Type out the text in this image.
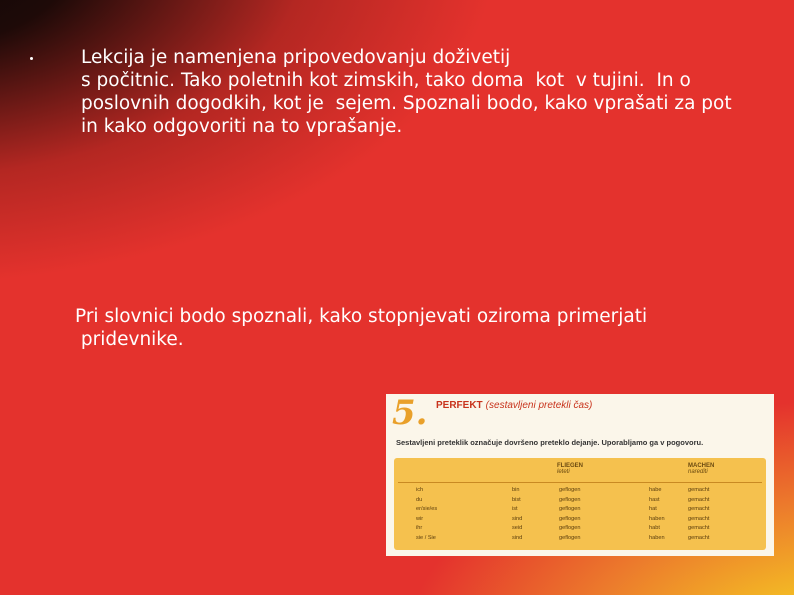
Lekcija je namenjena pripovedovanju doživetij
s počitnic. Tako poletnih kot zimskih, tako doma  kot  v tujini.  In o
poslovnih dogodkih, kot je  sejem. Spoznali bodo, kako vprašati za pot
in kako odgovoriti na to vprašanje.
Pri slovnici bodo spoznali, kako stopnjevati oziroma primerjati
pridevnike.
5. PERFEKT (sestavljeni pretekli čas)
Sestavljeni preteklik označuje dovršeno preteklo dejanje. Uporabljamo ga v pogovoru.
FLIEGEN
leteti
MACHEN
narediti
ich	bin	geflogen	habe	gemacht
du	bist	geflogen	hast	gemacht
er/sie/es	ist	geflogen	hat	gemacht
wir	sind	geflogen	haben	gemacht
ihr	seid	geflogen	habt	gemacht
sie / Sie	sind	geflogen	haben	gemacht
